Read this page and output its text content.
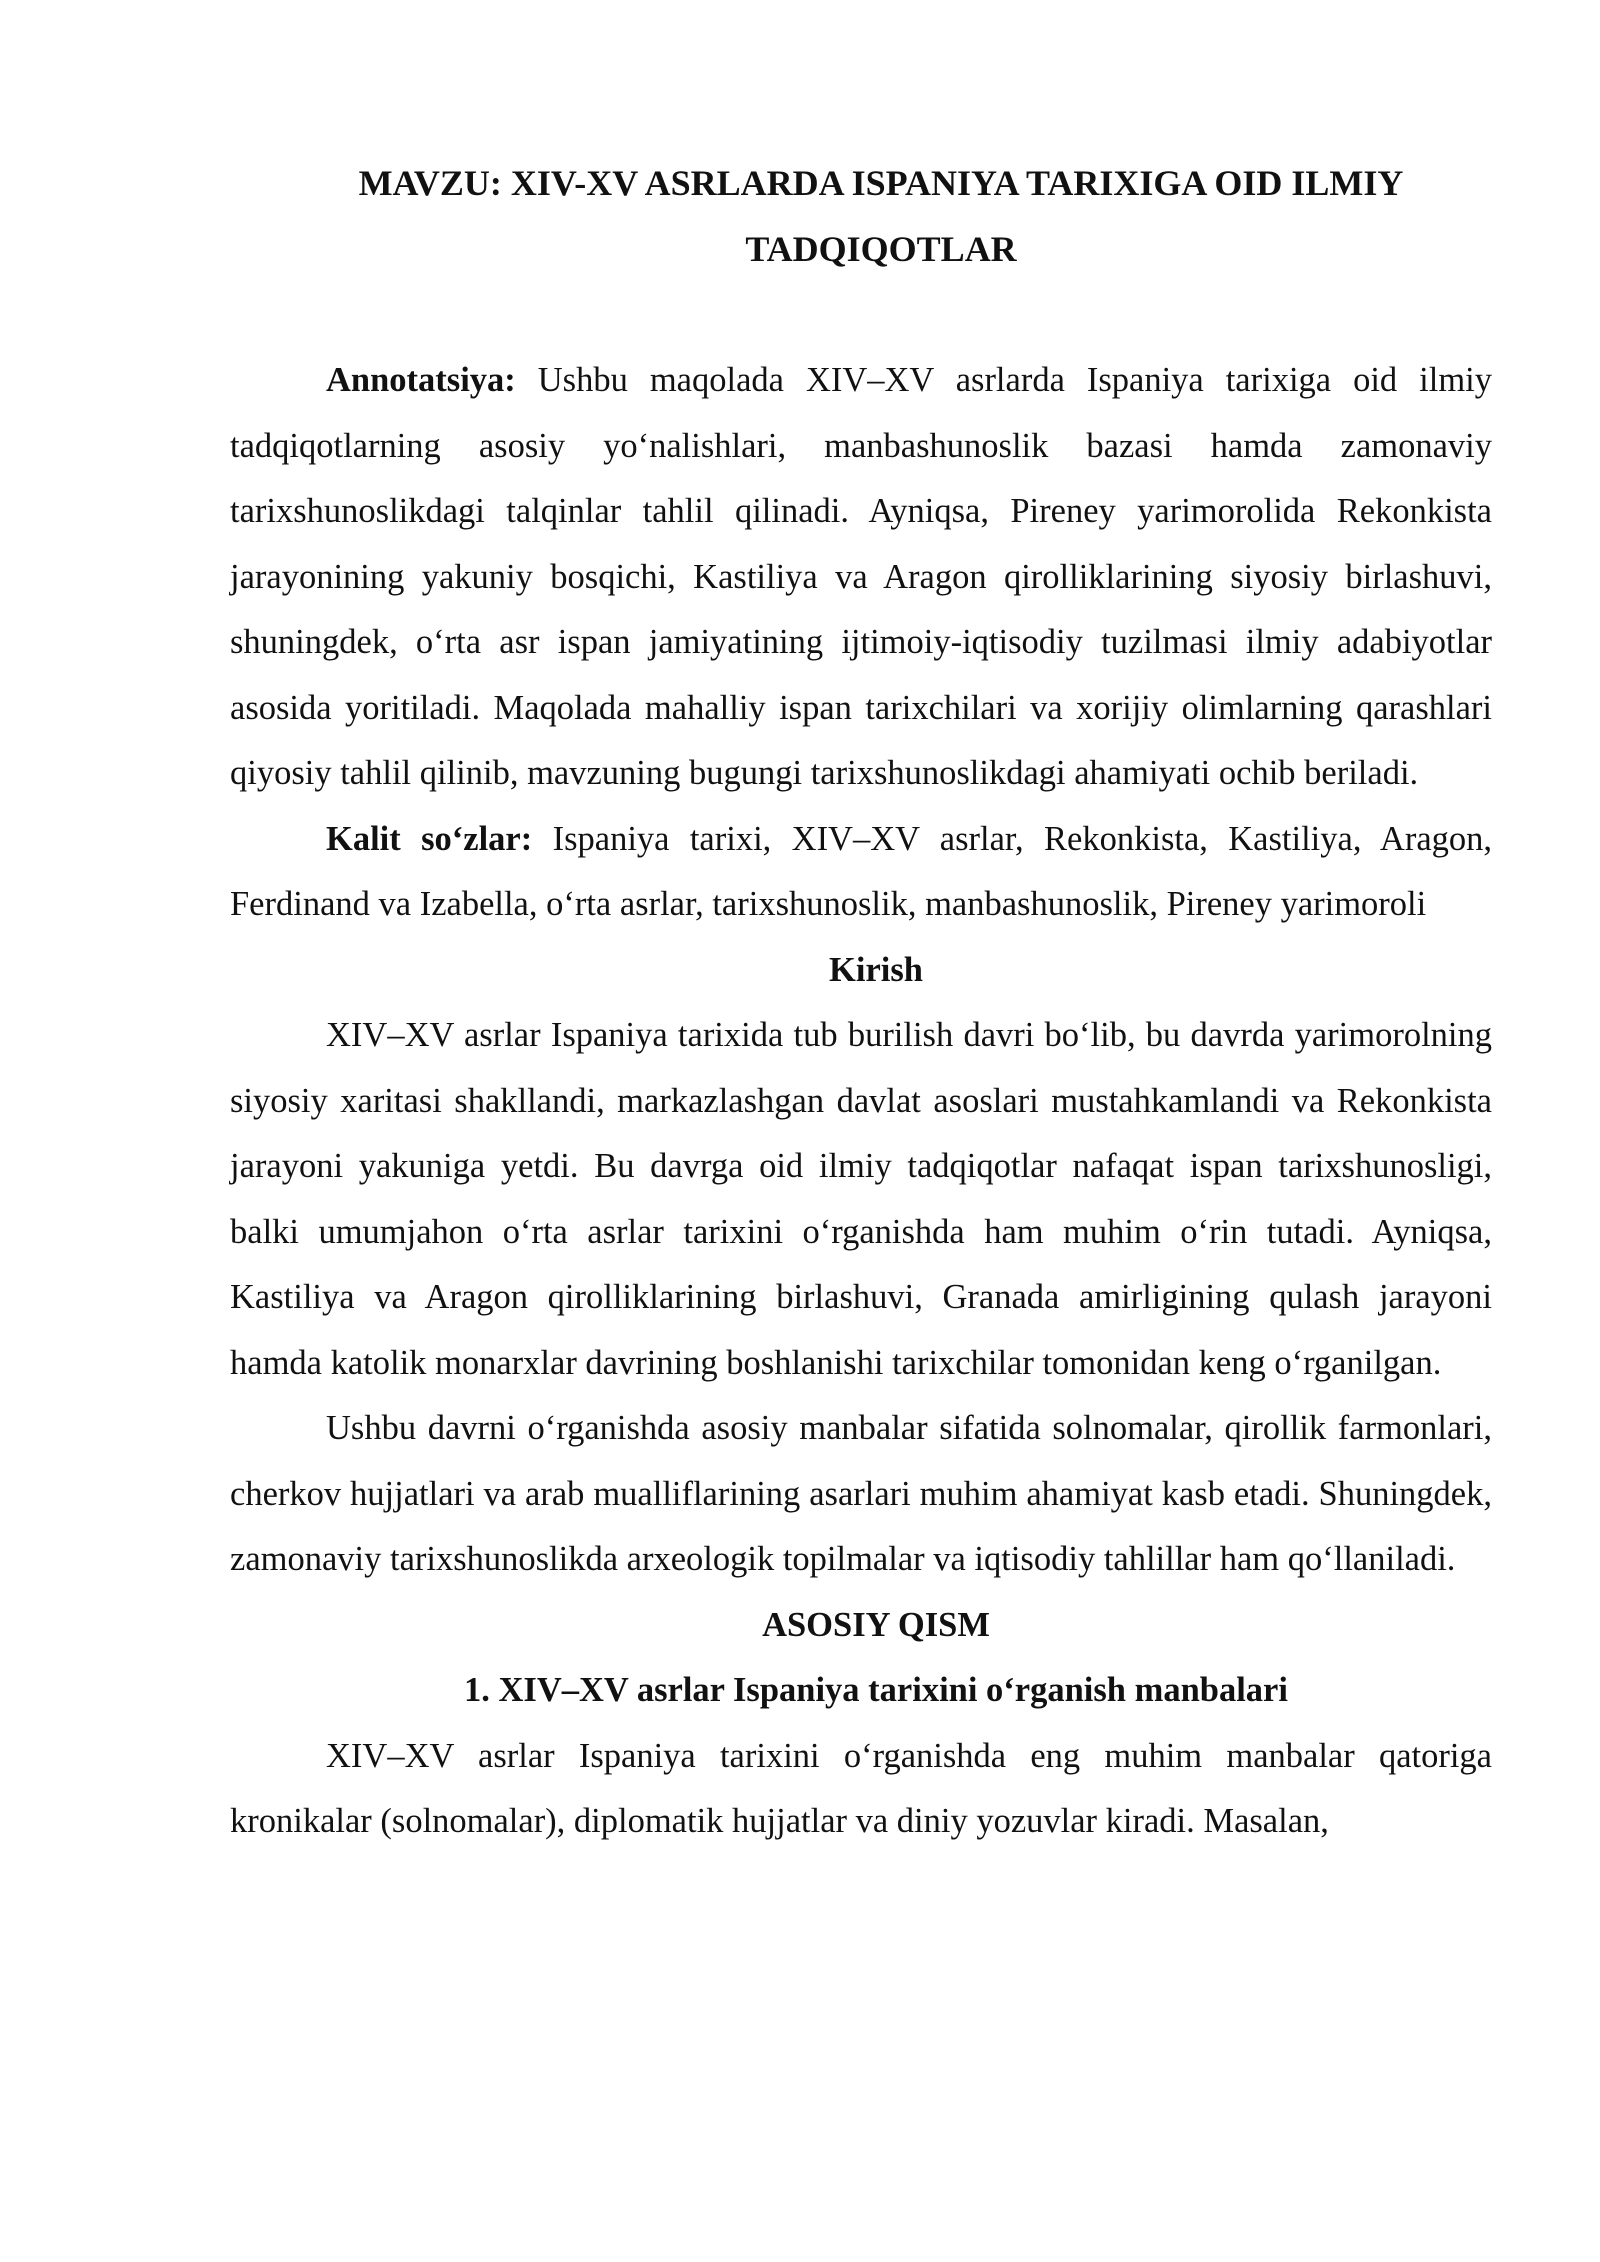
MAVZU: XIV-XV ASRLARDA ISPANIYA TARIXIGA OID ILMIY
TADQIQOTLAR

Annotatsiya: Ushbu maqolada XIV–XV asrlarda Ispaniya tarixiga oid ilmiy tadqiqotlarning asosiy yo‘nalishlari, manbashunoslik bazasi hamda zamonaviy tarixshunoslikdagi talqinlar tahlil qilinadi. Ayniqsa, Pireney yarimorolida Rekonkista jarayonining yakuniy bosqichi, Kastiliya va Aragon qirolliklarining siyosiy birlashuvi, shuningdek, o‘rta asr ispan jamiyatining ijtimoiy-iqtisodiy tuzilmasi ilmiy adabiyotlar asosida yoritiladi. Maqolada mahalliy ispan tarixchilari va xorijiy olimlarning qarashlari qiyosiy tahlil qilinib, mavzuning bugungi tarixshunoslikdagi ahamiyati ochib beriladi.

Kalit so‘zlar: Ispaniya tarixi, XIV–XV asrlar, Rekonkista, Kastiliya, Aragon, Ferdinand va Izabella, o‘rta asrlar, tarixshunoslik, manbashunoslik, Pireney yarimoroli

Kirish

XIV–XV asrlar Ispaniya tarixida tub burilish davri bo‘lib, bu davrda yarimorolning siyosiy xaritasi shakllandi, markazlashgan davlat asoslari mustahkamlandi va Rekonkista jarayoni yakuniga yetdi. Bu davrga oid ilmiy tadqiqotlar nafaqat ispan tarixshunosligi, balki umumjahon o‘rta asrlar tarixini o‘rganishda ham muhim o‘rin tutadi. Ayniqsa, Kastiliya va Aragon qirolliklarining birlashuvi, Granada amirligining qulash jarayoni hamda katolik monarxlar davrining boshlanishi tarixchilar tomonidan keng o‘rganilgan.

Ushbu davrni o‘rganishda asosiy manbalar sifatida solnomalar, qirollik farmonlari, cherkov hujjatlari va arab mualliflarining asarlari muhim ahamiyat kasb etadi. Shuningdek, zamonaviy tarixshunoslikda arxeologik topilmalar va iqtisodiy tahlillar ham qo‘llaniladi.

ASOSIY QISM
1. XIV–XV asrlar Ispaniya tarixini o‘rganish manbalari

XIV–XV asrlar Ispaniya tarixini o‘rganishda eng muhim manbalar qatoriga kronikalar (solnomalar), diplomatik hujjatlar va diniy yozuvlar kiradi. Masalan,
